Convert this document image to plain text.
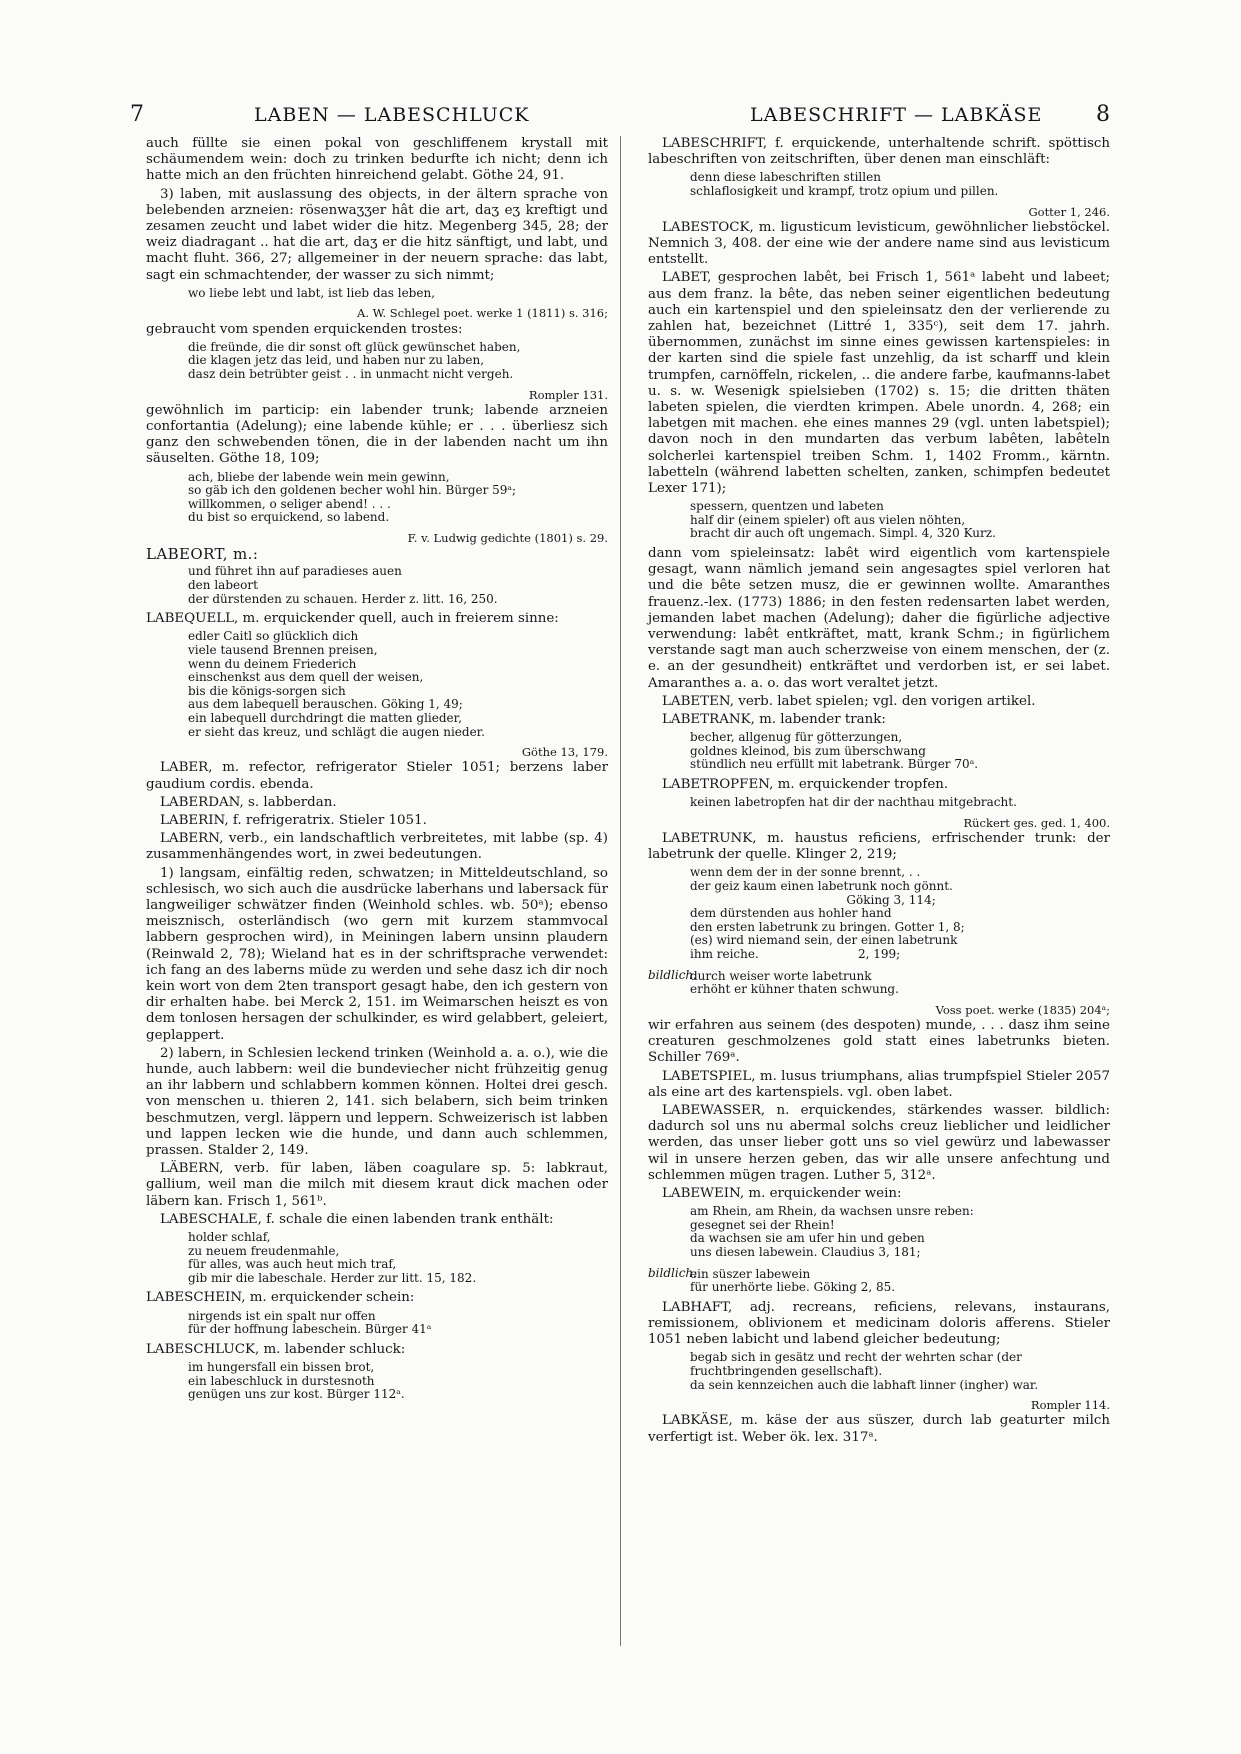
7	LABEN — LABESCHLUCK	LABESCHRIFT — LABKÄSE 8

auch füllte sie einen pokal von geschliffenem krystall mit schäumendem wein: doch zu trinken bedurfte ich nicht; denn ich hatte mich an den früchten hinreichend gelabt. Göthe 24, 91.

3) laben, mit auslassung des objects, in der ältern sprache von belebenden arzneien: rösenwaʒʒer hât die art, daʒ eʒ kreftigt und zesamen zeucht und labet wider die hitz. Megenberg 345, 28; der weiz diadragant .. hat die art, daʒ er die hitz sänftigt, und labt, und macht fluht. 366, 27; allgemeiner in der neuern sprache: das labt, sagt ein schmachtender, der wasser zu sich nimmt;

wo liebe lebt und labt, ist lieb das leben,
A. W. Schlegel poet. werke 1 (1811) s. 316;

gebraucht vom spenden erquickenden trostes:

die freünde, die dir sonst oft glück gewünschet haben,
die klagen jetz das leid, und haben nur zu laben,
dasz dein betrübter geist . . in unmacht nicht vergeh.
Rompler 131.

gewöhnlich im particip: ein labender trunk; labende arzneien confortantia (Adelung); eine labende kühle; er . . . überliesz sich ganz den schwebenden tönen, die in der labenden nacht um ihn säuselten. Göthe 18, 109;

ach, bliebe der labende wein mein gewinn,
so gäb ich den goldenen becher wohl hin. Bürger 59ᵃ;
willkommen, o seliger abend! . . .
du bist so erquickend, so labend.
F. v. Ludwig gedichte (1801) s. 29.

LABEORT, m.:

und führet ihn auf paradieses auen
den labeort
der dürstenden zu schauen. Herder z. litt. 16, 250.

LABEQUELL, m. erquickender quell, auch in freierem sinne:

edler Caitl so glücklich dich
viele tausend Brennen preisen,
wenn du deinem Friederich
einschenkst aus dem quell der weisen,
bis die königs-sorgen sich
aus dem labequell berauschen. Göking 1, 49;
ein labequell durchdringt die matten glieder,
er sieht das kreuz, und schlägt die augen nieder.
Göthe 13, 179.

LABER, m. refector, refrigerator Stieler 1051; berzens laber gaudium cordis. ebenda.

LABERDAN, s. labberdan.

LABERIN, f. refrigeratrix. Stieler 1051.

LABERN, verb., ein landschaftlich verbreitetes, mit labbe (sp. 4) zusammenhängendes wort, in zwei bedeutungen.

1) langsam, einfältig reden, schwatzen; in Mitteldeutschland, so schlesisch, wo sich auch die ausdrücke laberhans und labersack für langweiliger schwätzer finden (Weinhold schles. wb. 50ᵃ); ebenso meisznisch, osterländisch (wo gern mit kurzem stammvocal labbern gesprochen wird), in Meiningen labern unsinn plaudern (Reinwald 2, 78); Wieland hat es in der schriftsprache verwendet: ich fang an des laberns müde zu werden und sehe dasz ich dir noch kein wort von dem 2ten transport gesagt habe, den ich gestern von dir erhalten habe. bei Merck 2, 151. im Weimarschen heiszt es von dem tonlosen hersagen der schulkinder, es wird gelabbert, geleiert, geplappert.

2) labern, in Schlesien leckend trinken (Weinhold a. a. o.), wie die hunde, auch labbern: weil die bundeviecher nicht frühzeitig genug an ihr labbern und schlabbern kommen können. Holtei drei gesch. von menschen u. thieren 2, 141. sich belabern, sich beim trinken beschmutzen, vergl. läppern und leppern. Schweizerisch ist labben und lappen lecken wie die hunde, und dann auch schlemmen, prassen. Stalder 2, 149.

LÄBERN, verb. für laben, läben coagulare sp. 5: labkraut, gallium, weil man die milch mit diesem kraut dick machen oder läbern kan. Frisch 1, 561ᵇ.

LABESCHALE, f. schale die einen labenden trank enthält:

holder schlaf,
zu neuem freudenmahle,
für alles, was auch heut mich traf,
gib mir die labeschale. Herder zur litt. 15, 182.

LABESCHEIN, m. erquickender schein:

nirgends ist ein spalt nur offen
für der hoffnung labeschein. Bürger 41ᵃ

LABESCHLUCK, m. labender schluck:

im hungersfall ein bissen brot,
ein labeschluck in durstesnoth
genügen uns zur kost. Bürger 112ᵃ.

LABESCHRIFT, f. erquickende, unterhaltende schrift. spöttisch labeschriften von zeitschriften, über denen man einschläft:

denn diese labeschriften stillen
schlaflosigkeit und krampf, trotz opium und pillen.
Gotter 1, 246.

LABESTOCK, m. ligusticum levisticum, gewöhnlicher liebstöckel. Nemnich 3, 408. der eine wie der andere name sind aus levisticum entstellt.

LABET, gesprochen labêt, bei Frisch 1, 561ᵃ labeht und labeet; aus dem franz. la bête, das neben seiner eigentlichen bedeutung auch ein kartenspiel und den spieleinsatz den der verlierende zu zahlen hat, bezeichnet (Littré 1, 335ᶜ), seit dem 17. jahrh. übernommen, zunächst im sinne eines gewissen kartenspieles: in der karten sind die spiele fast unzehlig, da ist scharff und klein trumpfen, carnöffeln, rickelen, .. die andere farbe, kaufmanns-labet u. s. w. Wesenigk spielsieben (1702) s. 15; die dritten thäten labeten spielen, die vierdten krimpen. Abele unordn. 4, 268; ein labetgen mit machen. ehe eines mannes 29 (vgl. unten labetspiel); davon noch in den mundarten das verbum labêten, labêteln solcherlei kartenspiel treiben Schm. 1, 1402 Fromm., kärntn. labetteln (während labetten schelten, zanken, schimpfen bedeutet Lexer 171);

spessern, quentzen und labeten
half dir (einem spieler) oft aus vielen nöhten,
bracht dir auch oft ungemach. Simpl. 4, 320 Kurz.

dann vom spieleinsatz: labêt wird eigentlich vom kartenspiele gesagt, wann nämlich jemand sein angesagtes spiel verloren hat und die bête setzen musz, die er gewinnen wollte. Amaranthes frauenz.-lex. (1773) 1886; in den festen redensarten labet werden, jemanden labet machen (Adelung); daher die figürliche adjective verwendung: labêt entkräftet, matt, krank Schm.; in figürlichem verstande sagt man auch scherzweise von einem menschen, der (z. e. an der gesundheit) entkräftet und verdorben ist, er sei labet. Amaranthes a. a. o. das wort veraltet jetzt.

LABETEN, verb. labet spielen; vgl. den vorigen artikel.

LABETRANK, m. labender trank:

becher, allgenug für götterzungen,
goldnes kleinod, bis zum überschwang
stündlich neu erfüllt mit labetrank. Bürger 70ᵃ.

LABETROPFEN, m. erquickender tropfen.

keinen labetropfen hat dir der nachthau mitgebracht.
Rückert ges. ged. 1, 400.

LABETRUNK, m. haustus reficiens, erfrischender trunk: der labetrunk der quelle. Klinger 2, 219;

wenn dem der in der sonne brennt, . .
der geiz kaum einen labetrunk noch gönnt.
Göking 3, 114;
dem dürstenden aus hohler hand
den ersten labetrunk zu bringen. Gotter 1, 8;
(es) wird niemand sein, der einen labetrunk
ihm reiche.                          2, 199;
bildlich:
durch weiser worte labetrunk
erhöht er kühner thaten schwung.
Voss poet. werke (1835) 204ᵃ;

wir erfahren aus seinem (des despoten) munde, . . . dasz ihm seine creaturen geschmolzenes gold statt eines labetrunks bieten. Schiller 769ᵃ.

LABETSPIEL, m. lusus triumphans, alias trumpfspiel Stieler 2057 als eine art des kartenspiels. vgl. oben labet.

LABEWASSER, n. erquickendes, stärkendes wasser. bildlich: dadurch sol uns nu abermal solchs creuz lieblicher und leidlicher werden, das unser lieber gott uns so viel gewürz und labewasser wil in unsere herzen geben, das wir alle unsere anfechtung und schlemmen mügen tragen. Luther 5, 312ᵃ.

LABEWEIN, m. erquickender wein:

am Rhein, am Rhein, da wachsen unsre reben:
gesegnet sei der Rhein!
da wachsen sie am ufer hin und geben
uns diesen labewein. Claudius 3, 181;
bildlich:
ein süszer labewein
für unerhörte liebe. Göking 2, 85.

LABHAFT, adj. recreans, reficiens, relevans, instaurans, remissionem, oblivionem et medicinam doloris afferens. Stieler 1051 neben labicht und labend gleicher bedeutung;

begab sich in gesätz und recht der wehrten schar (der fruchtbringenden gesellschaft).
da sein kennzeichen auch die labhaft linner (ingher) war.
Rompler 114.

LABKÄSE, m. käse der aus süszer, durch lab geaturter milch verfertigt ist. Weber ök. lex. 317ᵃ.
